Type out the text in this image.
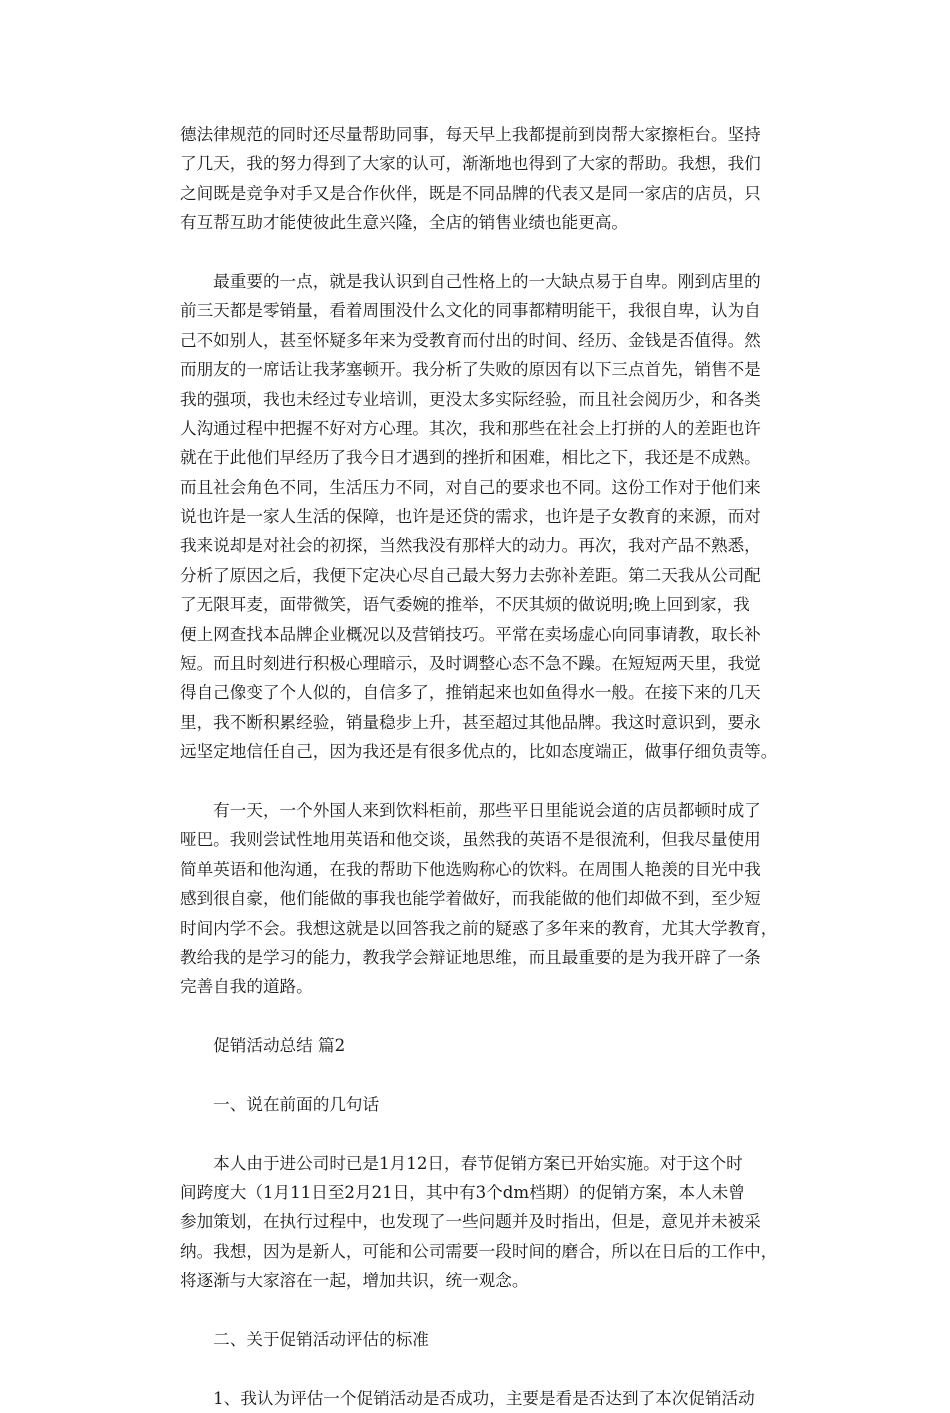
德法律规范的同时还尽量帮助同事，每天早上我都提前到岗帮大家擦柜台。坚持
了几天，我的努力得到了大家的认可，渐渐地也得到了大家的帮助。我想，我们
之间既是竞争对手又是合作伙伴，既是不同品牌的代表又是同一家店的店员，只
有互帮互助才能使彼此生意兴隆，全店的销售业绩也能更高。
　　最重要的一点，就是我认识到自己性格上的一大缺点易于自卑。刚到店里的
前三天都是零销量，看着周围没什么文化的同事都精明能干，我很自卑，认为自
己不如别人，甚至怀疑多年来为受教育而付出的时间、经历、金钱是否值得。然
而朋友的一席话让我茅塞顿开。我分析了失败的原因有以下三点首先，销售不是
我的强项，我也未经过专业培训，更没太多实际经验，而且社会阅历少，和各类
人沟通过程中把握不好对方心理。其次，我和那些在社会上打拼的人的差距也许
就在于此他们早经历了我今日才遇到的挫折和困难，相比之下，我还是不成熟。
而且社会角色不同，生活压力不同，对自己的要求也不同。这份工作对于他们来
说也许是一家人生活的保障，也许是还贷的需求，也许是子女教育的来源，而对
我来说却是对社会的初探，当然我没有那样大的动力。再次，我对产品不熟悉，
分析了原因之后，我便下定决心尽自己最大努力去弥补差距。第二天我从公司配
了无限耳麦，面带微笑，语气委婉的推举，不厌其烦的做说明;晚上回到家，我
便上网查找本品牌企业概况以及营销技巧。平常在卖场虚心向同事请教，取长补
短。而且时刻进行积极心理暗示，及时调整心态不急不躁。在短短两天里，我觉
得自己像变了个人似的，自信多了，推销起来也如鱼得水一般。在接下来的几天
里，我不断积累经验，销量稳步上升，甚至超过其他品牌。我这时意识到，要永
远坚定地信任自己，因为我还是有很多优点的，比如态度端正，做事仔细负责等。
　　有一天，一个外国人来到饮料柜前，那些平日里能说会道的店员都顿时成了
哑巴。我则尝试性地用英语和他交谈，虽然我的英语不是很流利，但我尽量使用
简单英语和他沟通，在我的帮助下他选购称心的饮料。在周围人艳羡的目光中我
感到很自豪，他们能做的事我也能学着做好，而我能做的他们却做不到，至少短
时间内学不会。我想这就是以回答我之前的疑惑了多年来的教育，尤其大学教育，
教给我的是学习的能力，教我学会辩证地思维，而且最重要的是为我开辟了一条
完善自我的道路。
　　促销活动总结 篇2
　　一、说在前面的几句话
　　本人由于进公司时已是1月12日，春节促销方案已开始实施。对于这个时
间跨度大（1月11日至2月21日，其中有3个dm档期）的促销方案，本人未曾
参加策划，在执行过程中，也发现了一些问题并及时指出，但是，意见并未被采
纳。我想，因为是新人，可能和公司需要一段时间的磨合，所以在日后的工作中，
将逐渐与大家溶在一起，增加共识，统一观念。
　　二、关于促销活动评估的标准
　　1、我认为评估一个促销活动是否成功，主要是看是否达到了本次促销活动
